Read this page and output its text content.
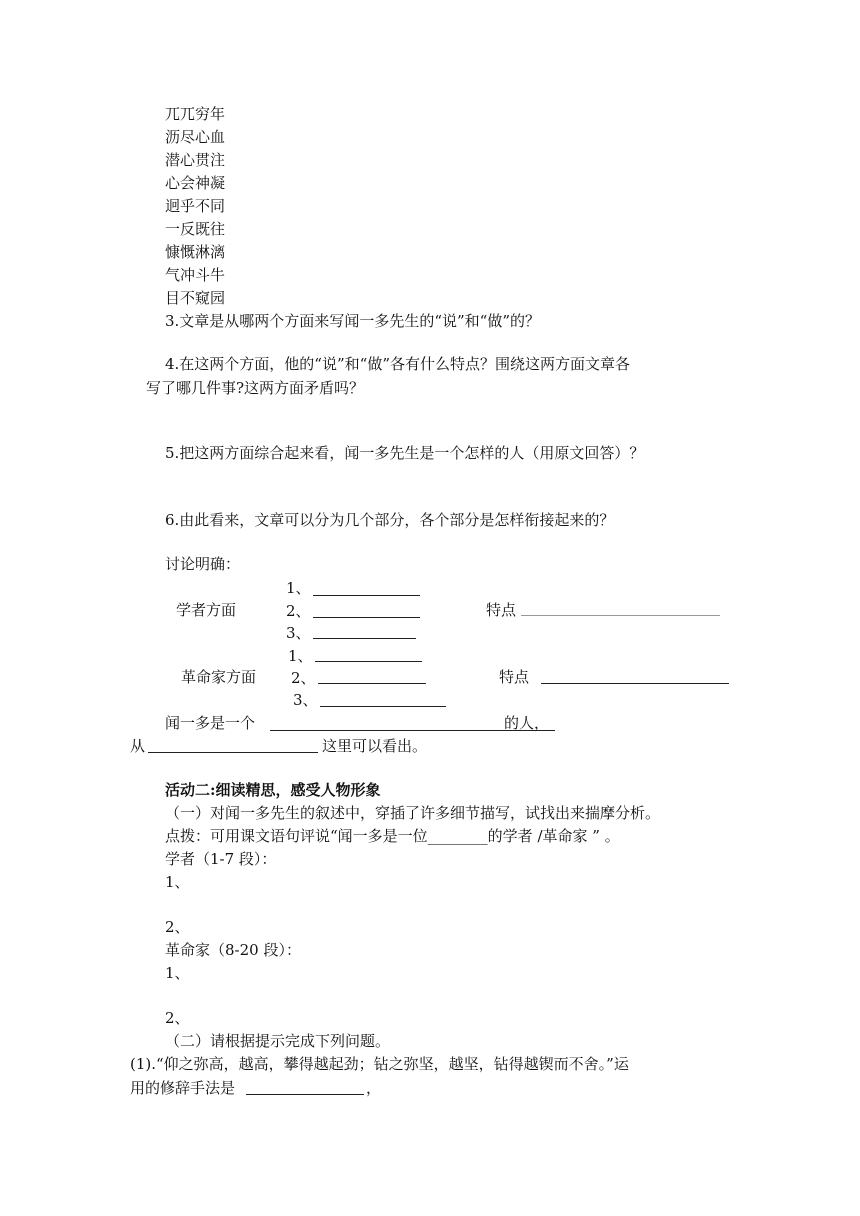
兀兀穷年
沥尽心血
潜心贯注
心会神凝
迥乎不同
一反既往
慷慨淋漓
气冲斗牛
目不窥园
3.文章是从哪两个方面来写闻一多先生的“说”和“做”的？
4.在这两个方面，他的“说”和“做”各有什么特点？围绕这两方面文章各
写了哪几件事?这两方面矛盾吗？
5.把这两方面综合起来看，闻一多先生是一个怎样的人（用原文回答）？
6.由此看来，文章可以分为几个部分，各个部分是怎样衔接起来的？
讨论明确：
1、
学者方面	2、	特点
3、
1、
革命家方面 2、	特点
3、
闻一多是一个	的人，
从	这里可以看出。
活动二:细读精思，感受人物形象
（一）对闻一多先生的叙述中，穿插了许多细节描写，试找出来揣摩分析。
点拨：可用课文语句评说“闻一多是一位________的学者 /革命家 ” 。
学者（1-7 段）：
1、
2、
革命家（8-20 段）：
1、
2、
（二）请根据提示完成下列问题。
(1).“仰之弥高，越高，攀得越起劲；钻之弥坚，越坚，钻得越锲而不舍。”运
用的修辞手法是	，
